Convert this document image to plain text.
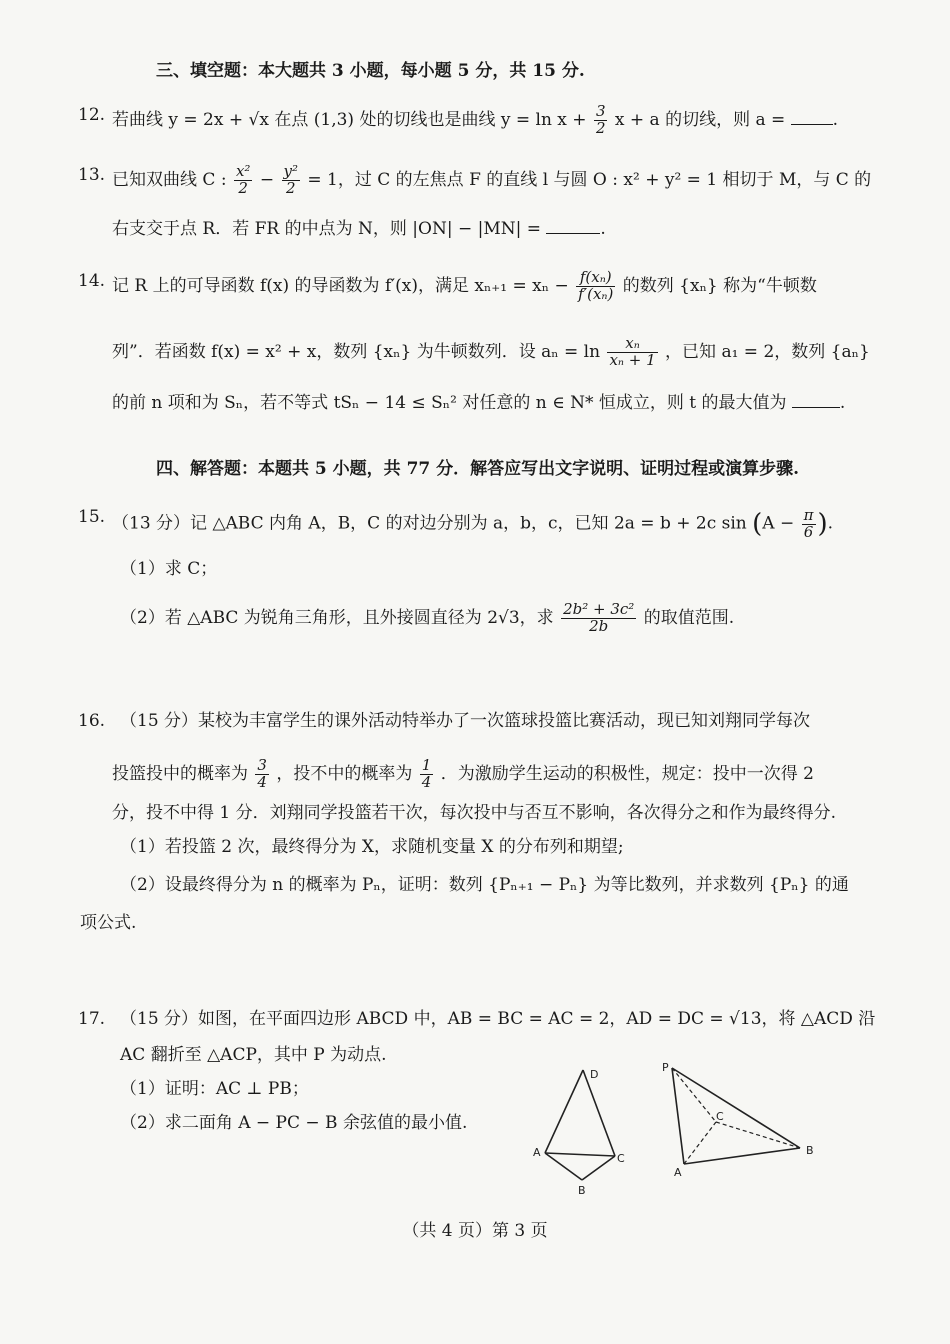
三、填空题：本大题共 3 小题，每小题 5 分，共 15 分.
12. 若曲线 y = 2x + √x 在点 (1,3) 处的切线也是曲线 $y = \ln x + \frac{3}{2}$ x + a 的切线，则 a =	.
13. 已知双曲线 C : $\frac{\text{x²}}{2} - \frac{\text{y²}}{2} = 1$，过 C 的左焦点 F 的直线 l 与圆 O : x² + y² = 1 相切于 M，与 C 的
右支交于点 R．若 FR 的中点为 N，则 |ON| − |MN| =	.
14. 记 R 上的可导函数 f(x) 的导函数为 f′(x)，满足 $x_{n+1} = x_n - \frac{\text{f(xₙ)}}{\text{f′(xₙ)}}$ 的数列 {xₙ} 称为“牛顿数
列”．若函数 f(x) = x² + x，数列 {xₙ} 为牛顿数列．设 $a_n = \ln \frac{\text{xₙ}}{\text{xₙ + 1}}$ ，已知 a₁ = 2，数列 {aₙ}
的前 n 项和为 Sₙ，若不等式 tSₙ − 14 ≤ Sₙ² 对任意的 n ∈ N* 恒成立，则 t 的最大值为	.
四、解答题：本题共 5 小题，共 77 分．解答应写出文字说明、证明过程或演算步骤.
15. （13 分）记 △ABC 内角 A，B，C 的对边分别为 a，b，c，已知 2a = b + 2c $\sin (A - \frac{\pi}{6}$ ).
（1）求 C；
（2）若 △ABC 为锐角三角形，且外接圆直径为 2√3，求 $\frac{\text{2b² + 3c²}}{2b}$ 的取值范围.
16. （15 分）某校为丰富学生的课外活动特举办了一次篮球投篮比赛活动，现已知刘翔同学每次
投篮投中的概率为 $\frac{3}{4}$ ，投不中的概率为 $\frac{1}{4}$ ．为激励学生运动的积极性，规定：投中一次得 2
分，投不中得 1 分．刘翔同学投篮若干次，每次投中与否互不影响，各次得分之和作为最终得分.
（1）若投篮 2 次，最终得分为 X，求随机变量 X 的分布列和期望;
（2）设最终得分为 n 的概率为 Pₙ，证明：数列 {Pₙ₊₁ − Pₙ} 为等比数列，并求数列 {Pₙ} 的通
项公式.
17. （15 分）如图，在平面四边形 ABCD 中，AB = BC = AC = 2，AD = DC = √13，将 △ACD 沿
AC 翻折至 △ACP，其中 P 为动点.
（1）证明：AC ⊥ PB；
（2）求二面角 A − PC − B 余弦值的最小值.
D
A	C
B
P
C
A
B
（共 4 页）第 3 页
